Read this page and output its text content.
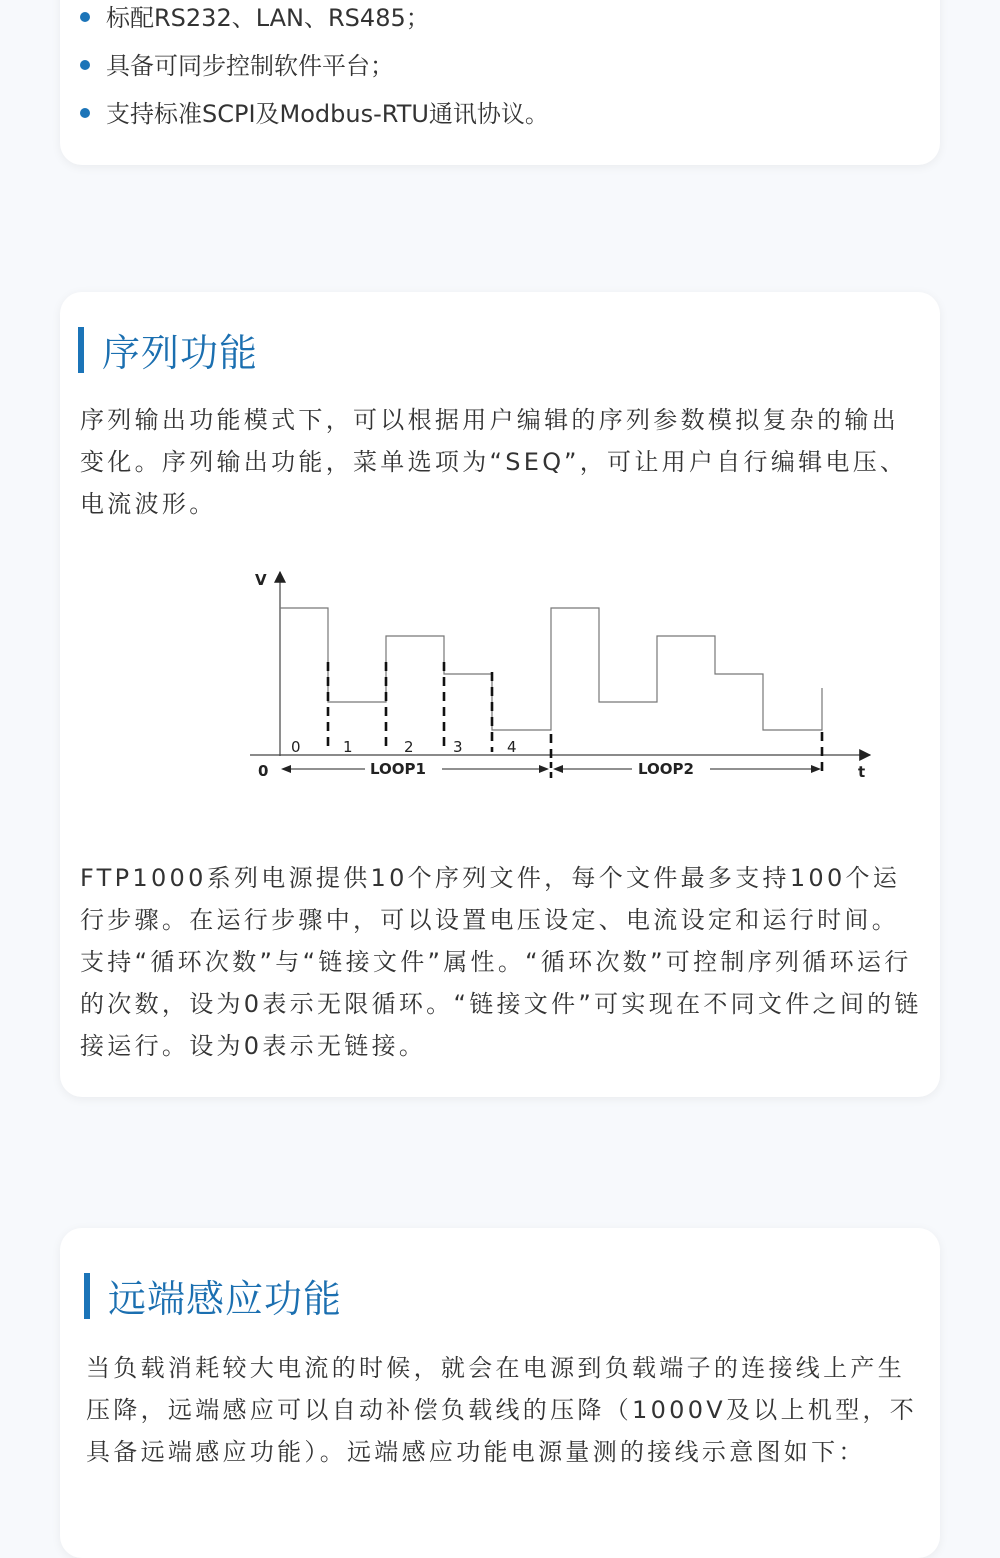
标配RS232、LAN、RS485；
具备可同步控制软件平台；
支持标准SCPI及Modbus-RTU通讯协议。
序列功能

序列输出功能模式下，可以根据用户编辑的序列参数模拟复杂的输出变化。序列输出功能，菜单选项为“SEQ”，可让用户自行编辑电压、电流波形。

V
t
0
0	1	2	3	4
LOOP1	LOOP2

FTP1000系列电源提供10个序列文件，每个文件最多支持100个运行步骤。在运行步骤中，可以设置电压设定、电流设定和运行时间。支持“循环次数”与“链接文件”属性。“循环次数”可控制序列循环运行的次数，设为0表示无限循环。“链接文件”可实现在不同文件之间的链接运行。设为0表示无链接。

远端感应功能

当负载消耗较大电流的时候，就会在电源到负载端子的连接线上产生压降，远端感应可以自动补偿负载线的压降（1000V及以上机型，不具备远端感应功能）。远端感应功能电源量测的接线示意图如下：
